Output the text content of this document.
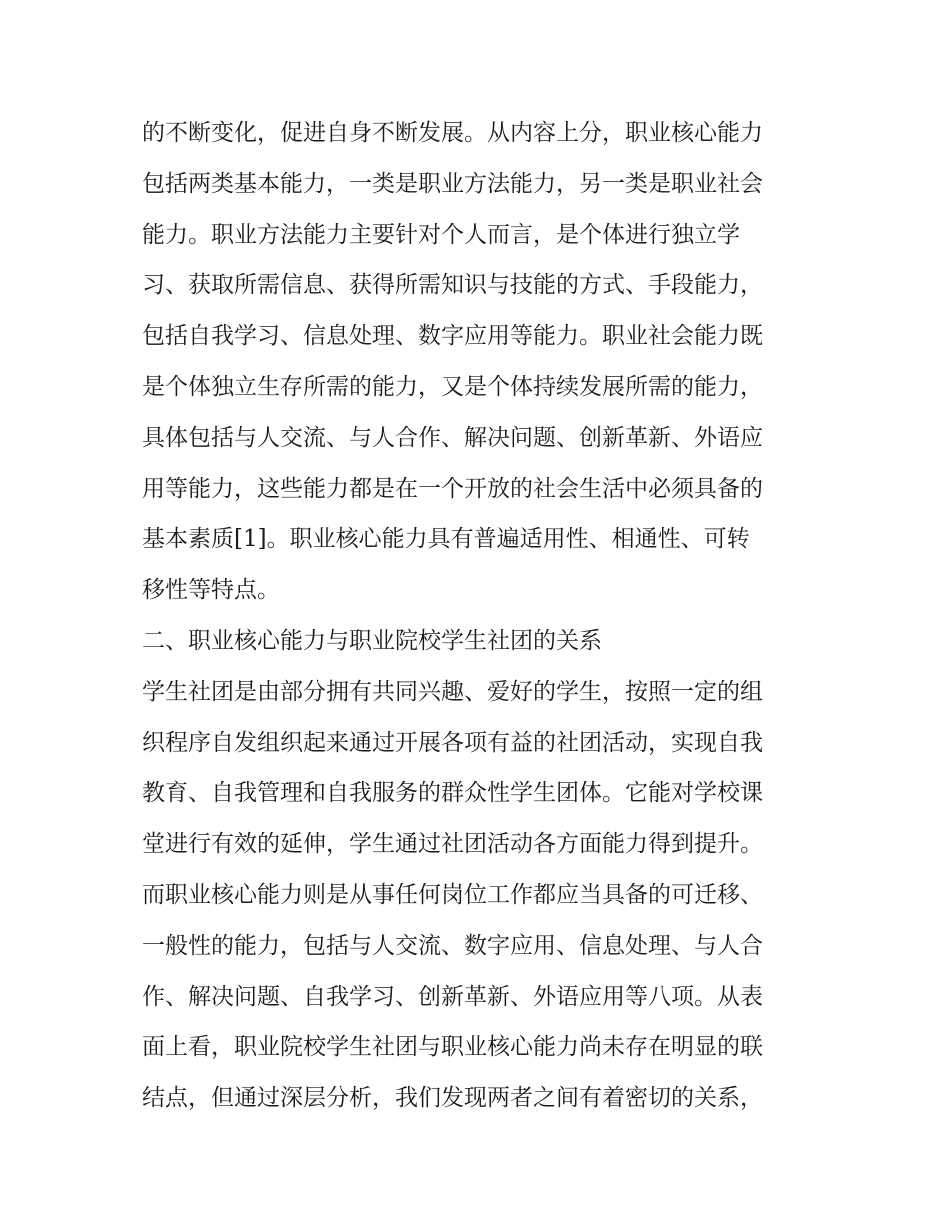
的不断变化，促进自身不断发展。从内容上分，职业核心能力
包括两类基本能力，一类是职业方法能力，另一类是职业社会
能力。职业方法能力主要针对个人而言，是个体进行独立学
习、获取所需信息、获得所需知识与技能的方式、手段能力，
包括自我学习、信息处理、数字应用等能力。职业社会能力既
是个体独立生存所需的能力，又是个体持续发展所需的能力，
具体包括与人交流、与人合作、解决问题、创新革新、外语应
用等能力，这些能力都是在一个开放的社会生活中必须具备的
基本素质[1]。职业核心能力具有普遍适用性、相通性、可转
移性等特点。
二、职业核心能力与职业院校学生社团的关系
学生社团是由部分拥有共同兴趣、爱好的学生，按照一定的组
织程序自发组织起来通过开展各项有益的社团活动，实现自我
教育、自我管理和自我服务的群众性学生团体。它能对学校课
堂进行有效的延伸，学生通过社团活动各方面能力得到提升。
而职业核心能力则是从事任何岗位工作都应当具备的可迁移、
一般性的能力，包括与人交流、数字应用、信息处理、与人合
作、解决问题、自我学习、创新革新、外语应用等八项。从表
面上看，职业院校学生社团与职业核心能力尚未存在明显的联
结点，但通过深层分析，我们发现两者之间有着密切的关系，
